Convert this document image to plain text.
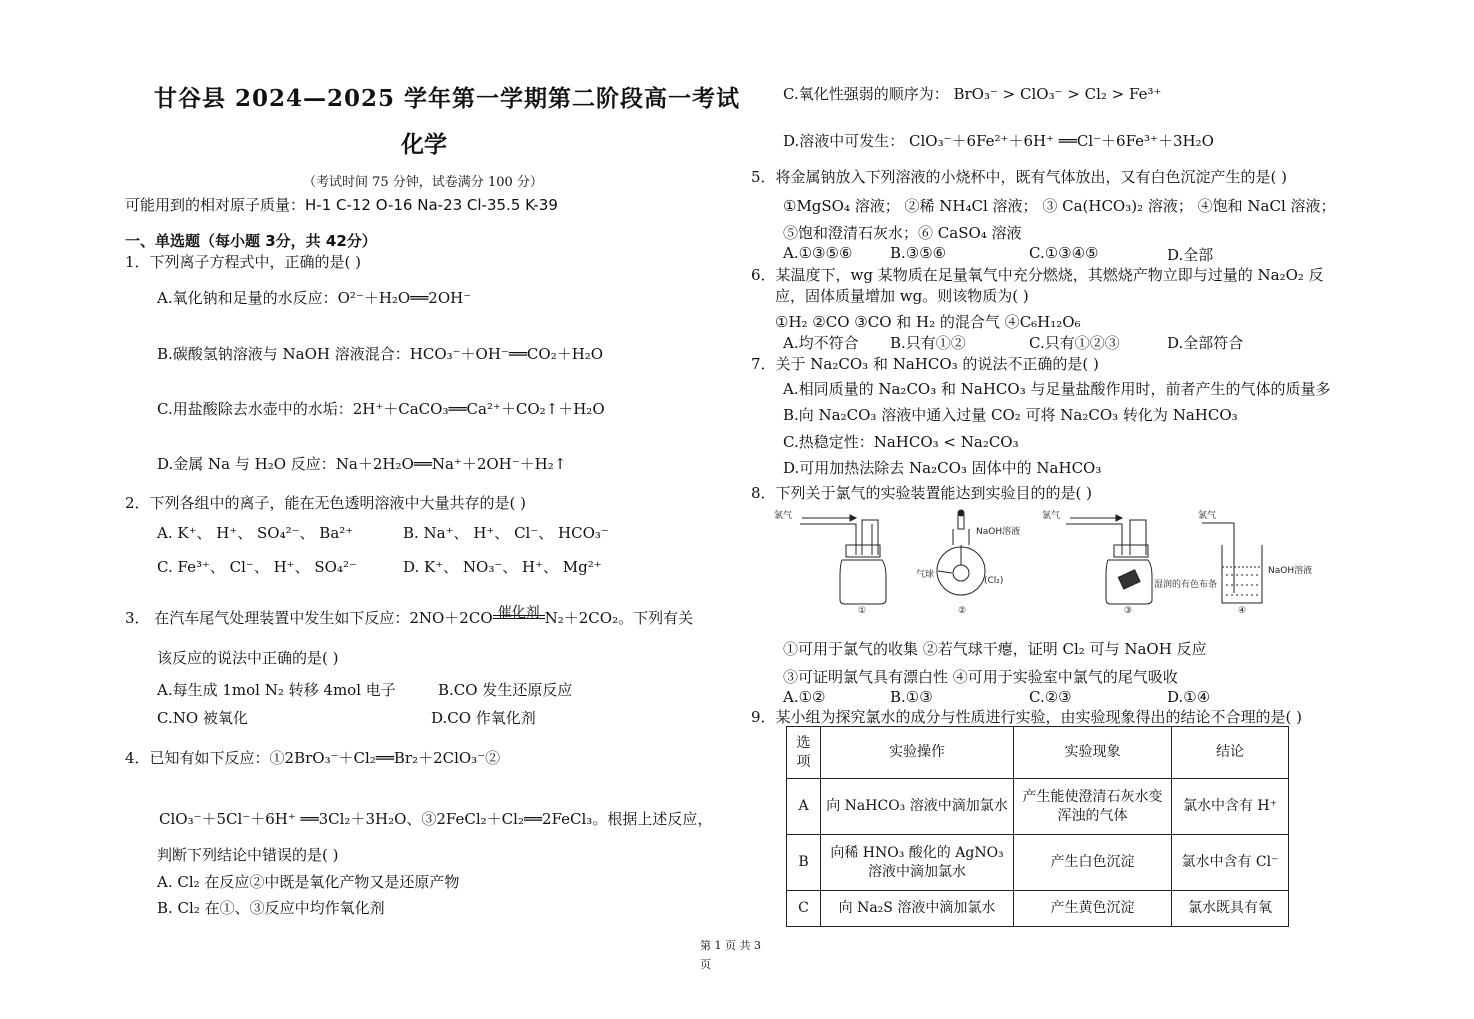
甘谷县 2024—2025 学年第一学期第二阶段高一考试
化学
（考试时间 75 分钟，试卷满分 100 分）
可能用到的相对原子质量：H-1 C-12 O-16 Na-23 Cl-35.5 K-39
一、单选题（每小题 3分，共 42分）
1．下列离子方程式中，正确的是( )
A.氧化钠和足量的水反应：O²⁻＋H₂O══2OH⁻
B.碳酸氢钠溶液与 NaOH 溶液混合：HCO₃⁻＋OH⁻══CO₂＋H₂O
C.用盐酸除去水壶中的水垢：2H⁺＋CaCO₃══Ca²⁺＋CO₂↑＋H₂O
D.金属 Na 与 H₂O 反应：Na＋2H₂O══Na⁺＋2OH⁻＋H₂↑
2．下列各组中的离子，能在无色透明溶液中大量共存的是( )
A. K⁺、 H⁺、 SO₄²⁻、 Ba²⁺	B. Na⁺、 H⁺、 Cl⁻、 HCO₃⁻
C. Fe³⁺、 Cl⁻、 H⁺、 SO₄²⁻	D. K⁺、 NO₃⁻、 H⁺、 Mg²⁺
3． 在汽车尾气处理装置中发生如下反应：2NO＋2CO 催化剂 N₂＋2CO₂。下列有关
该反应的说法中正确的是( )
A.每生成 1mol N₂ 转移 4mol 电子	B.CO 发生还原反应
C.NO 被氧化	D.CO 作氧化剂
4．已知有如下反应：①2BrO₃⁻＋Cl₂══Br₂＋2ClO₃⁻②
ClO₃⁻＋5Cl⁻＋6H⁺ ══3Cl₂＋3H₂O、③2FeCl₂＋Cl₂══2FeCl₃。根据上述反应，
判断下列结论中错误的是( )
A. Cl₂ 在反应②中既是氧化产物又是还原产物
B. Cl₂ 在①、③反应中均作氧化剂
C.氧化性强弱的顺序为： BrO₃⁻ > ClO₃⁻ > Cl₂ > Fe³⁺
D.溶液中可发生： ClO₃⁻＋6Fe²⁺＋6H⁺ ══Cl⁻＋6Fe³⁺＋3H₂O
5．将金属钠放入下列溶液的小烧杯中，既有气体放出，又有白色沉淀产生的是( )
①MgSO₄ 溶液； ②稀 NH₄Cl 溶液； ③ Ca(HCO₃)₂ 溶液； ④饱和 NaCl 溶液；
⑤饱和澄清石灰水；⑥ CaSO₄ 溶液
A.①③⑤⑥	B.③⑤⑥	C.①③④⑤	D.全部
6．某温度下，wg 某物质在足量氧气中充分燃烧，其燃烧产物立即与过量的 Na₂O₂ 反
应，固体质量增加 wg。则该物质为( )
①H₂ ②CO ③CO 和 H₂ 的混合气 ④C₆H₁₂O₆
A.均不符合 B.只有①②	C.只有①②③	D.全部符合
7．关于 Na₂CO₃ 和 NaHCO₃ 的说法不正确的是( )
A.相同质量的 Na₂CO₃ 和 NaHCO₃ 与足量盐酸作用时，前者产生的气体的质量多
B.向 Na₂CO₃ 溶液中通入过量 CO₂ 可将 Na₂CO₃ 转化为 NaHCO₃
C.热稳定性：NaHCO₃ < Na₂CO₃
D.可用加热法除去 Na₂CO₃ 固体中的 NaHCO₃
8．下列关于氯气的实验装置能达到实验目的的是( )
氯气
NaOH溶液
气球
(Cl₂)
氯气
湿润的有色布条
氯气
NaOH溶液
①	②	③	④
①可用于氯气的收集 ②若气球干瘪，证明 Cl₂ 可与 NaOH 反应
③可证明氯气具有漂白性 ④可用于实验室中氯气的尾气吸收
A.①②	B.①③	C.②③	D.①④
9．某小组为探究氯水的成分与性质进行实验，由实验现象得出的结论不合理的是( )
选项	实验操作	实验现象	结论
A	向 NaHCO₃ 溶液中滴加氯水	产生能使澄清石灰水变浑浊的气体	氯水中含有 H⁺
B	向稀 HNO₃ 酸化的 AgNO₃ 溶液中滴加氯水	产生白色沉淀	氯水中含有 Cl⁻
C	向 Na₂S 溶液中滴加氯水	产生黄色沉淀	氯水既具有氧
第 1 页 共 3
页
